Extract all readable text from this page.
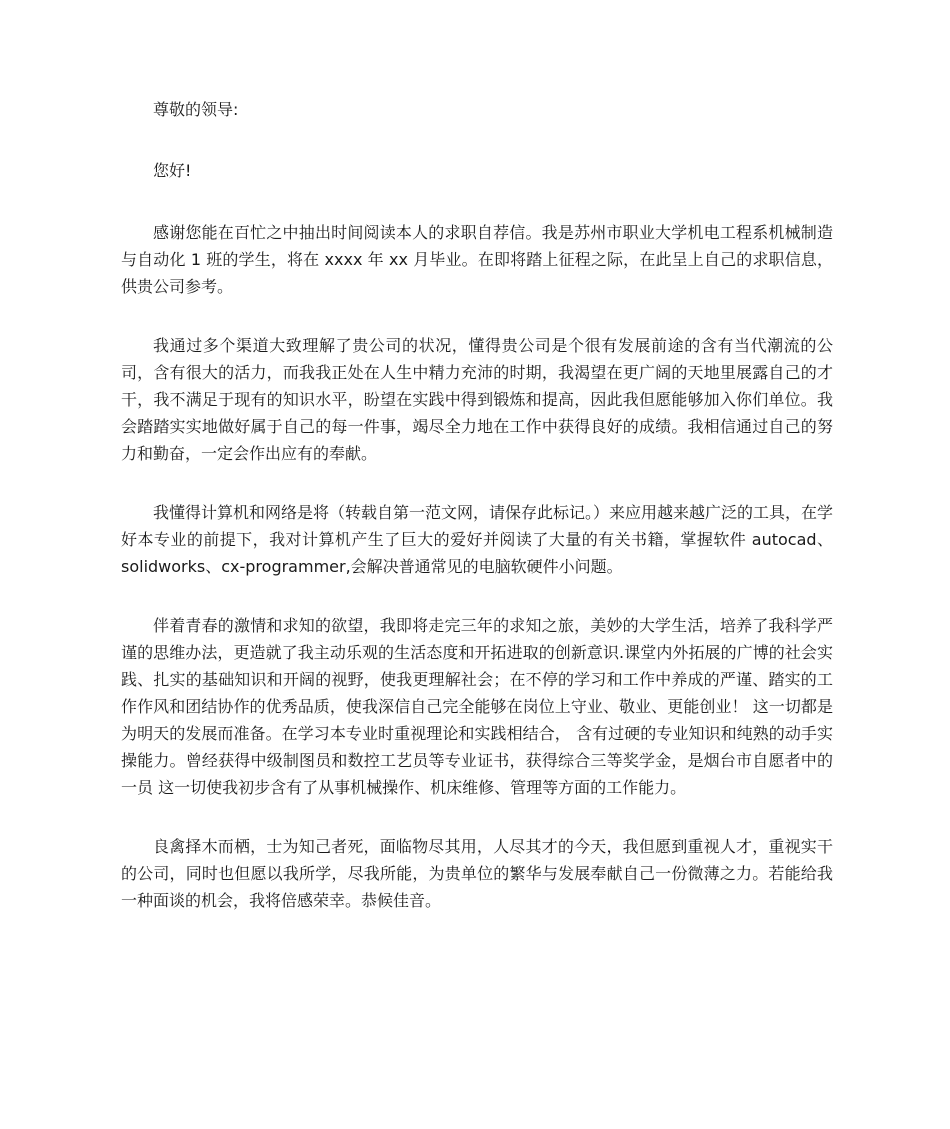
尊敬的领导:

您好!

感谢您能在百忙之中抽出时间阅读本人的求职自荐信。我是苏州市职业大学机电工程系机械制造与自动化 1 班的学生，将在 xxxx 年 xx 月毕业。在即将踏上征程之际，在此呈上自己的求职信息，供贵公司参考。

我通过多个渠道大致理解了贵公司的状况，懂得贵公司是个很有发展前途的含有当代潮流的公司，含有很大的活力，而我我正处在人生中精力充沛的时期，我渴望在更广阔的天地里展露自己的才干，我不满足于现有的知识水平，盼望在实践中得到锻炼和提高，因此我但愿能够加入你们单位。我会踏踏实实地做好属于自己的每一件事，竭尽全力地在工作中获得良好的成绩。我相信通过自己的努力和勤奋，一定会作出应有的奉献。

我懂得计算机和网络是将（转载自第一范文网，请保存此标记。）来应用越来越广泛的工具，在学好本专业的前提下，我对计算机产生了巨大的爱好并阅读了大量的有关书籍，掌握软件 autocad、solidworks、cx-programmer,会解决普通常见的电脑软硬件小问题。

伴着青春的激情和求知的欲望，我即将走完三年的求知之旅，美妙的大学生活，培养了我科学严谨的思维办法，更造就了我主动乐观的生活态度和开拓进取的创新意识.课堂内外拓展的广博的社会实践、扎实的基础知识和开阔的视野，使我更理解社会；在不停的学习和工作中养成的严谨、踏实的工作作风和团结协作的优秀品质，使我深信自己完全能够在岗位上守业、敬业、更能创业！ 这一切都是为明天的发展而准备。在学习本专业时重视理论和实践相结合， 含有过硬的专业知识和纯熟的动手实操能力。曾经获得中级制图员和数控工艺员等专业证书，获得综合三等奖学金，是烟台市自愿者中的一员 这一切使我初步含有了从事机械操作、机床维修、管理等方面的工作能力。

良禽择木而栖，士为知己者死，面临物尽其用，人尽其才的今天，我但愿到重视人才，重视实干的公司，同时也但愿以我所学，尽我所能，为贵单位的繁华与发展奉献自己一份微薄之力。若能给我一种面谈的机会，我将倍感荣幸。恭候佳音。
